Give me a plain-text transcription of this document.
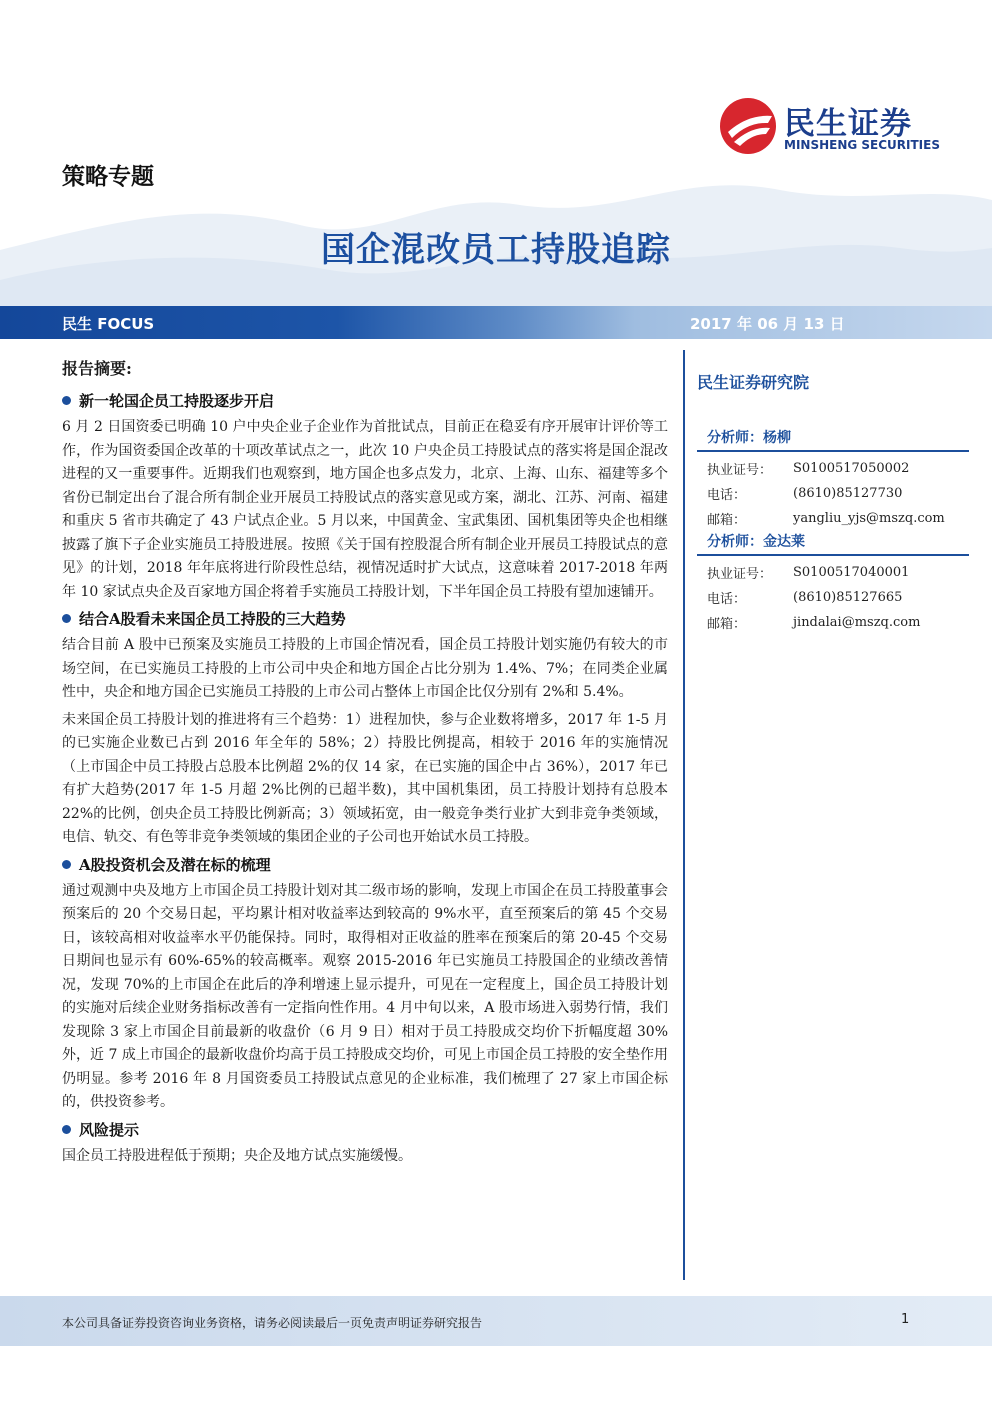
民生证券
MINSHENG SECURITIES
策略专题
国企混改员工持股追踪
民生 FOCUS	2017 年 06 月 13 日
报告摘要:
新一轮国企员工持股逐步开启

6 月 2 日国资委已明确 10 户中央企业子企业作为首批试点，目前正在稳妥有序开展审计评价等工作，作为国资委国企改革的十项改革试点之一，此次 10 户央企员工持股试点的落实将是国企混改进程的又一重要事件。近期我们也观察到，地方国企也多点发力，北京、上海、山东、福建等多个省份已制定出台了混合所有制企业开展员工持股试点的落实意见或方案，湖北、江苏、河南、福建和重庆 5 省市共确定了 43 户试点企业。5 月以来，中国黄金、宝武集团、国机集团等央企也相继披露了旗下子企业实施员工持股进展。按照《关于国有控股混合所有制企业开展员工持股试点的意见》的计划，2018 年年底将进行阶段性总结，视情况适时扩大试点，这意味着 2017-2018 年两年 10 家试点央企及百家地方国企将着手实施员工持股计划，下半年国企员工持股有望加速铺开。

结合A股看未来国企员工持股的三大趋势

结合目前 A 股中已预案及实施员工持股的上市国企情况看，国企员工持股计划实施仍有较大的市场空间，在已实施员工持股的上市公司中央企和地方国企占比分别为 1.4%、7%；在同类企业属性中，央企和地方国企已实施员工持股的上市公司占整体上市国企比仅分别有 2%和 5.4%。

未来国企员工持股计划的推进将有三个趋势：1）进程加快，参与企业数将增多，2017 年 1-5 月的已实施企业数已占到 2016 年全年的 58%；2）持股比例提高，相较于 2016 年的实施情况（上市国企中员工持股占总股本比例超 2%的仅 14 家，在已实施的国企中占 36%），2017 年已有扩大趋势(2017 年 1-5 月超 2%比例的已超半数)，其中国机集团，员工持股计划持有总股本 22%的比例，创央企员工持股比例新高；3）领域拓宽，由一般竞争类行业扩大到非竞争类领域，电信、轨交、有色等非竞争类领域的集团企业的子公司也开始试水员工持股。

A股投资机会及潜在标的梳理

通过观测中央及地方上市国企员工持股计划对其二级市场的影响，发现上市国企在员工持股董事会预案后的 20 个交易日起，平均累计相对收益率达到较高的 9%水平，直至预案后的第 45 个交易日，该较高相对收益率水平仍能保持。同时，取得相对正收益的胜率在预案后的第 20-45 个交易日期间也显示有 60%-65%的较高概率。观察 2015-2016 年已实施员工持股国企的业绩改善情况，发现 70%的上市国企在此后的净利增速上显示提升，可见在一定程度上，国企员工持股计划的实施对后续企业财务指标改善有一定指向性作用。4 月中旬以来，A 股市场进入弱势行情，我们发现除 3 家上市国企目前最新的收盘价（6 月 9 日）相对于员工持股成交均价下折幅度超 30%外，近 7 成上市国企的最新收盘价均高于员工持股成交均价，可见上市国企员工持股的安全垫作用仍明显。参考 2016 年 8 月国资委员工持股试点意见的企业标准，我们梳理了 27 家上市国企标的，供投资参考。

风险提示

国企员工持股进程低于预期；央企及地方试点实施缓慢。

民生证券研究院
分析师：杨柳
执业证号：	S0100517050002
电话：	(8610)85127730
邮箱：	yangliu_yjs@mszq.com
分析师：金达莱
执业证号：	S0100517040001
电话：	(8610)85127665
邮箱：	jindalai@mszq.com
本公司具备证券投资咨询业务资格，请务必阅读最后一页免责声明证券研究报告	1
